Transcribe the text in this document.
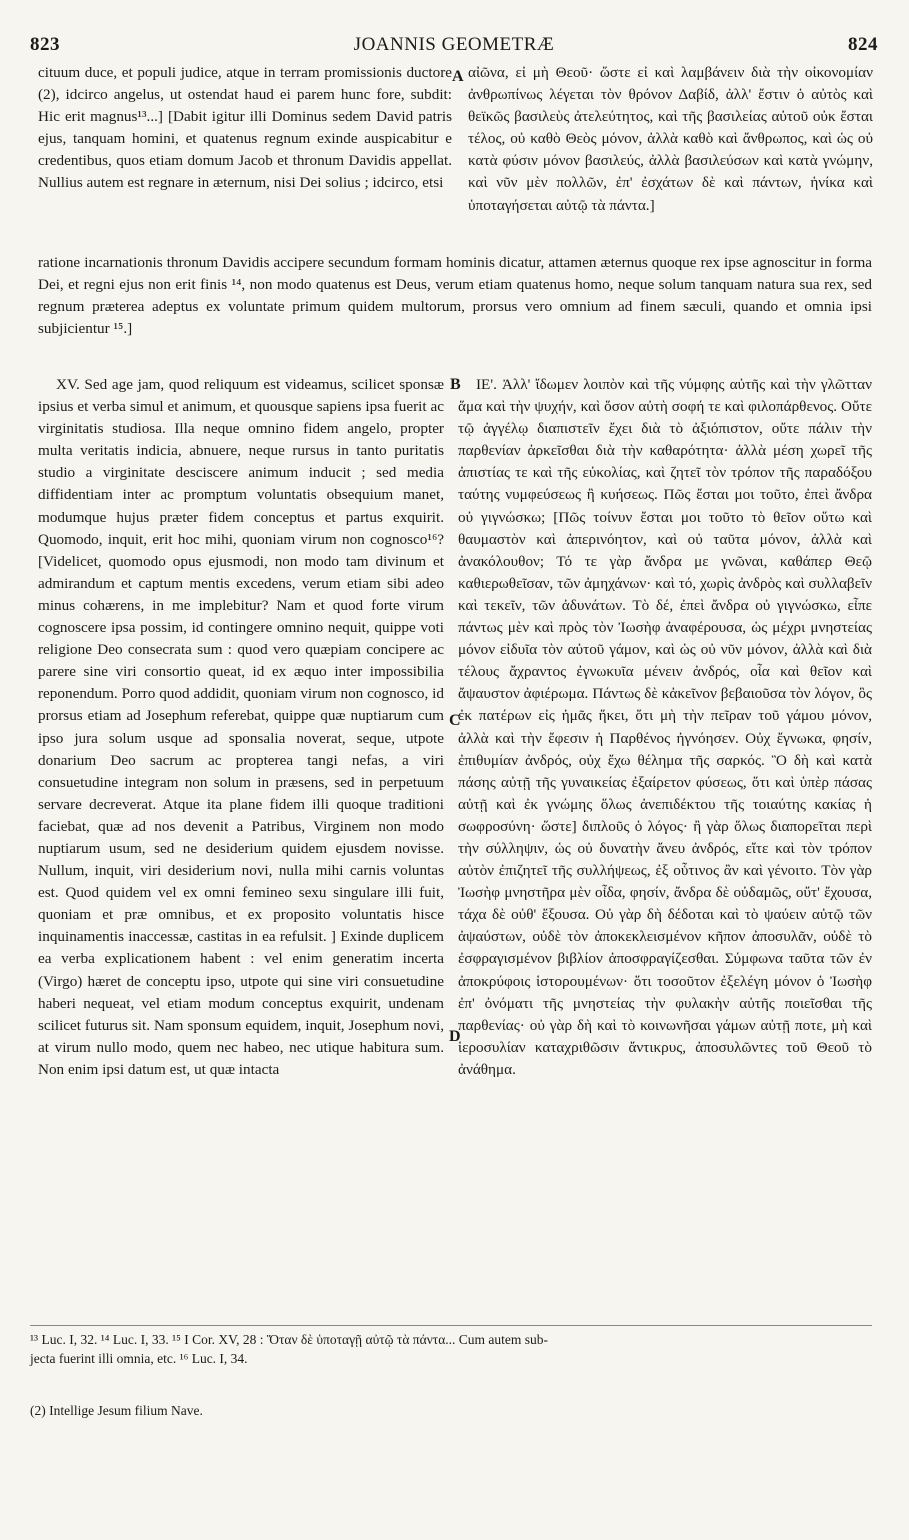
823	JOANNIS GEOMETRÆ	824
A
B
C
D

cituum duce, et populi judice, atque in terram promissionis ductore (2), idcirco angelus, ut ostendat haud ei parem hunc fore, subdit: Hic erit magnus¹³...] [Dabit igitur illi Dominus sedem David patris ejus, tanquam homini, et quatenus regnum exinde auspicabitur e credentibus, quos etiam domum Jacob et thronum Davidis appellat. Nullius autem est regnare in æternum, nisi Dei solius ; idcirco, etsi

αἰῶνα, εἰ μὴ Θεοῦ· ὥστε εἰ καὶ λαμβάνειν διὰ τὴν οἰκονομίαν ἀνθρωπίνως λέγεται τὸν θρόνον Δαβίδ, ἀλλ' ἔστιν ὁ αὐτὸς καὶ θεϊκῶς βασιλεὺς ἀτελεύτητος, καὶ τῆς βασιλείας αὐτοῦ οὐκ ἔσται τέλος, οὐ καθὸ Θεὸς μόνον, ἀλλὰ καθὸ καὶ ἄνθρωπος, καὶ ὡς οὐ κατὰ φύσιν μόνον βασιλεύς, ἀλλὰ βασιλεύσων καὶ κατὰ γνώμην, καὶ νῦν μὲν πολλῶν, ἐπ' ἐσχάτων δὲ καὶ πάντων, ἡνίκα καὶ ὑποταγήσεται αὐτῷ τὰ πάντα.]

ratione incarnationis thronum Davidis accipere secundum formam hominis dicatur, attamen æternus quoque rex ipse agnoscitur in forma Dei, et regni ejus non erit finis ¹⁴, non modo quatenus est Deus, verum etiam quatenus homo, neque solum tanquam natura sua rex, sed regnum præterea adeptus ex voluntate primum quidem multorum, prorsus vero omnium ad finem sæculi, quando et omnia ipsi subjicientur ¹⁵.]

XV. Sed age jam, quod reliquum est videamus, scilicet sponsæ ipsius et verba simul et animum, et quousque sapiens ipsa fuerit ac virginitatis studiosa. Illa neque omnino fidem angelo, propter multa veritatis indicia, abnuere, neque rursus in tanto puritatis studio a virginitate desciscere animum inducit ; sed media diffidentiam inter ac promptum voluntatis obsequium manet, modumque hujus præter fidem conceptus et partus exquirit. Quomodo, inquit, erit hoc mihi, quoniam virum non cognosco¹⁶? [Videlicet, quomodo opus ejusmodi, non modo tam divinum et admirandum et captum mentis excedens, verum etiam sibi adeo minus cohærens, in me implebitur? Nam et quod forte virum cognoscere ipsa possim, id contingere omnino nequit, quippe voti religione Deo consecrata sum : quod vero quæpiam concipere ac parere sine viri consortio queat, id ex æquo inter impossibilia reponendum. Porro quod addidit, quoniam virum non cognosco, id prorsus etiam ad Josephum referebat, quippe quæ nuptiarum cum ipso jura solum usque ad sponsalia noverat, seque, utpote donarium Deo sacrum ac propterea tangi nefas, a viri consuetudine integram non solum in præsens, sed in perpetuum servare decreverat. Atque ita plane fidem illi quoque traditioni faciebat, quæ ad nos devenit a Patribus, Virginem non modo nuptiarum usum, sed ne desiderium quidem ejusdem novisse. Nullum, inquit, viri desiderium novi, nulla mihi carnis voluntas est. Quod quidem vel ex omni femineo sexu singulare illi fuit, quoniam et præ omnibus, et ex proposito voluntatis hisce inquinamentis inaccessæ, castitas in ea refulsit. ] Exinde duplicem ea verba explicationem habent : vel enim generatim incerta (Virgo) hæret de conceptu ipso, utpote qui sine viri consuetudine haberi nequeat, vel etiam modum conceptus exquirit, undenam scilicet futurus sit. Nam sponsum equidem, inquit, Josephum novi, at virum nullo modo, quem nec habeo, nec utique habitura sum. Non enim ipsi datum est, ut quæ intacta

ΙΕ'. Ἀλλ' ἴδωμεν λοιπὸν καὶ τῆς νύμφης αὐτῆς καὶ τὴν γλῶτταν ἅμα καὶ τὴν ψυχήν, καὶ ὅσον αὐτὴ σοφή τε καὶ φιλοπάρθενος. Οὔτε τῷ ἀγγέλῳ διαπιστεῖν ἔχει διὰ τὸ ἀξιόπιστον, οὔτε πάλιν τὴν παρθενίαν ἀρκεῖσθαι διὰ τὴν καθαρότητα· ἀλλὰ μέση χωρεῖ τῆς ἀπιστίας τε καὶ τῆς εὐκολίας, καὶ ζητεῖ τὸν τρόπον τῆς παραδόξου ταύτης νυμφεύσεως ἢ κυήσεως. Πῶς ἔσται μοι τοῦτο, ἐπεὶ ἄνδρα οὐ γιγνώσκω; [Πῶς τοίνυν ἔσται μοι τοῦτο τὸ θεῖον οὕτω καὶ θαυμαστὸν καὶ ἀπερινόητον, καὶ οὐ ταῦτα μόνον, ἀλλὰ καὶ ἀνακόλουθον; Τό τε γὰρ ἄνδρα με γνῶναι, καθάπερ Θεῷ καθιερωθεῖσαν, τῶν ἀμηχάνων· καὶ τό, χωρὶς ἀνδρὸς καὶ συλλαβεῖν καὶ τεκεῖν, τῶν ἀδυνάτων. Τὸ δέ, ἐπεὶ ἄνδρα οὐ γιγνώσκω, εἶπε πάντως μὲν καὶ πρὸς τὸν Ἰωσὴφ ἀναφέρουσα, ὡς μέχρι μνηστείας μόνον εἰδυῖα τὸν αὐτοῦ γάμον, καὶ ὡς οὐ νῦν μόνον, ἀλλὰ καὶ διὰ τέλους ἄχραντος ἐγνωκυῖα μένειν ἀνδρός, οἷα καὶ θεῖον καὶ ἄψαυστον ἀφιέρωμα. Πάντως δὲ κἀκεῖνον βεβαιοῦσα τὸν λόγον, ὃς ἐκ πατέρων εἰς ἡμᾶς ἥκει, ὅτι μὴ τὴν πεῖραν τοῦ γάμου μόνον, ἀλλὰ καὶ τὴν ἔφεσιν ἡ Παρθένος ἠγνόησεν. Οὐχ ἔγνωκα, φησίν, ἐπιθυμίαν ἀνδρός, οὐχ ἔχω θέλημα τῆς σαρκός. Ὃ δὴ καὶ κατὰ πάσης αὐτῇ τῆς γυναικείας ἐξαίρετον φύσεως, ὅτι καὶ ὑπὲρ πάσας αὐτῇ καὶ ἐκ γνώμης ὅλως ἀνεπιδέκτου τῆς τοιαύτης κακίας ἡ σωφροσύνη· ὥστε] διπλοῦς ὁ λόγος· ἢ γὰρ ὅλως διαπορεῖται περὶ τὴν σύλληψιν, ὡς οὐ δυνατὴν ἄνευ ἀνδρός, εἴτε καὶ τὸν τρόπον αὐτὸν ἐπιζητεῖ τῆς συλλήψεως, ἐξ οὗτινος ἂν καὶ γένοιτο. Τὸν γὰρ Ἰωσὴφ μνηστῆρα μὲν οἶδα, φησίν, ἄνδρα δὲ οὐδαμῶς, οὔτ' ἔχουσα, τάχα δὲ οὐθ' ἕξουσα. Οὐ γὰρ δὴ δέδοται καὶ τὸ ψαύειν αὐτῷ τῶν ἀψαύστων, οὐδὲ τὸν ἀποκεκλεισμένον κῆπον ἀποσυλᾶν, οὐδὲ τὸ ἐσφραγισμένον βιβλίον ἀποσφραγίζεσθαι. Σύμφωνα ταῦτα τῶν ἐν ἀποκρύφοις ἱστορουμένων· ὅτι τοσοῦτον ἐξελέγη μόνον ὁ Ἰωσὴφ ἐπ' ὀνόματι τῆς μνηστείας τὴν φυλακὴν αὐτῆς ποιεῖσθαι τῆς παρθενίας· οὐ γὰρ δὴ καὶ τὸ κοινωνῆσαι γάμων αὐτῇ ποτε, μὴ καὶ ἱεροσυλίαν καταχριθῶσιν ἄντικρυς, ἀποσυλῶντες τοῦ Θεοῦ τὸ ἀνάθημα.

¹³ Luc. I, 32. ¹⁴ Luc. I, 33. ¹⁵ I Cor. XV, 28 : Ὅταν δὲ ὑποταγῇ αὐτῷ τὰ πάντα... Cum autem sub-
jecta fuerint illi omnia, etc. ¹⁶ Luc. I, 34.
(2) Intellige Jesum filium Nave.
